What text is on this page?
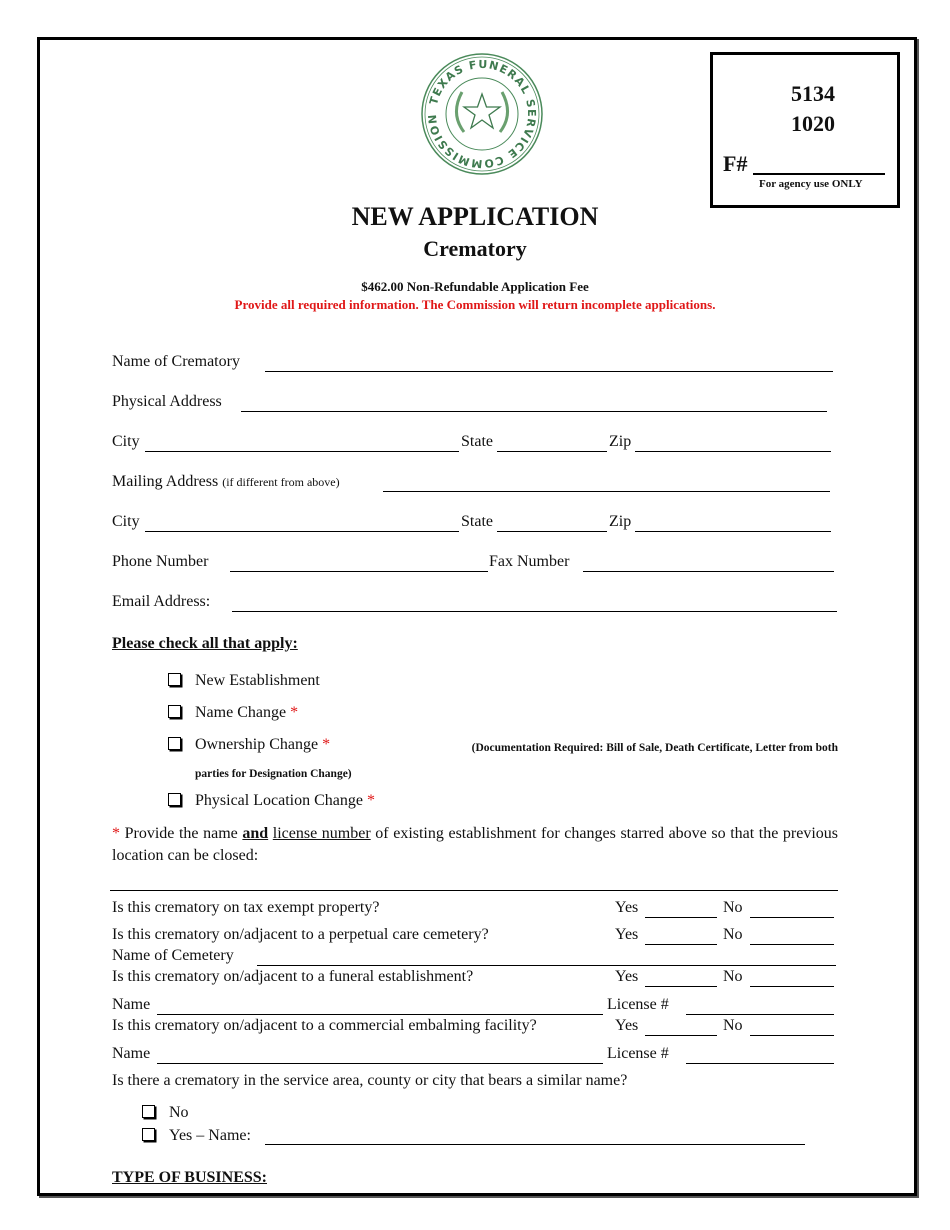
TEXAS FUNERAL SERVICE COMMISSION
5134
1020
F#
For agency use ONLY
NEW APPLICATION
Crematory
$462.00 Non-Refundable Application Fee
Provide all required information. The Commission will return incomplete applications.
Name of Crematory
Physical Address
City	State	Zip
Mailing Address (if different from above)
City	State	Zip
Phone Number	Fax Number
Email Address:
Please check all that apply:
New Establishment
Name Change *
Ownership Change *	(Documentation Required: Bill of Sale, Death Certificate, Letter from both
parties for Designation Change)
Physical Location Change *
* Provide the name and license number of existing establishment for changes starred above so that the previous location can be closed:
Is this crematory on tax exempt property?	Yes	No
Is this crematory on/adjacent to a perpetual care cemetery?	Yes	No
Name of Cemetery
Is this crematory on/adjacent to a funeral establishment?	Yes	No
Name	License #
Is this crematory on/adjacent to a commercial embalming facility?	Yes	No
Name	License #
Is there a crematory in the service area, county or city that bears a similar name?
No
Yes – Name:
TYPE OF BUSINESS:
